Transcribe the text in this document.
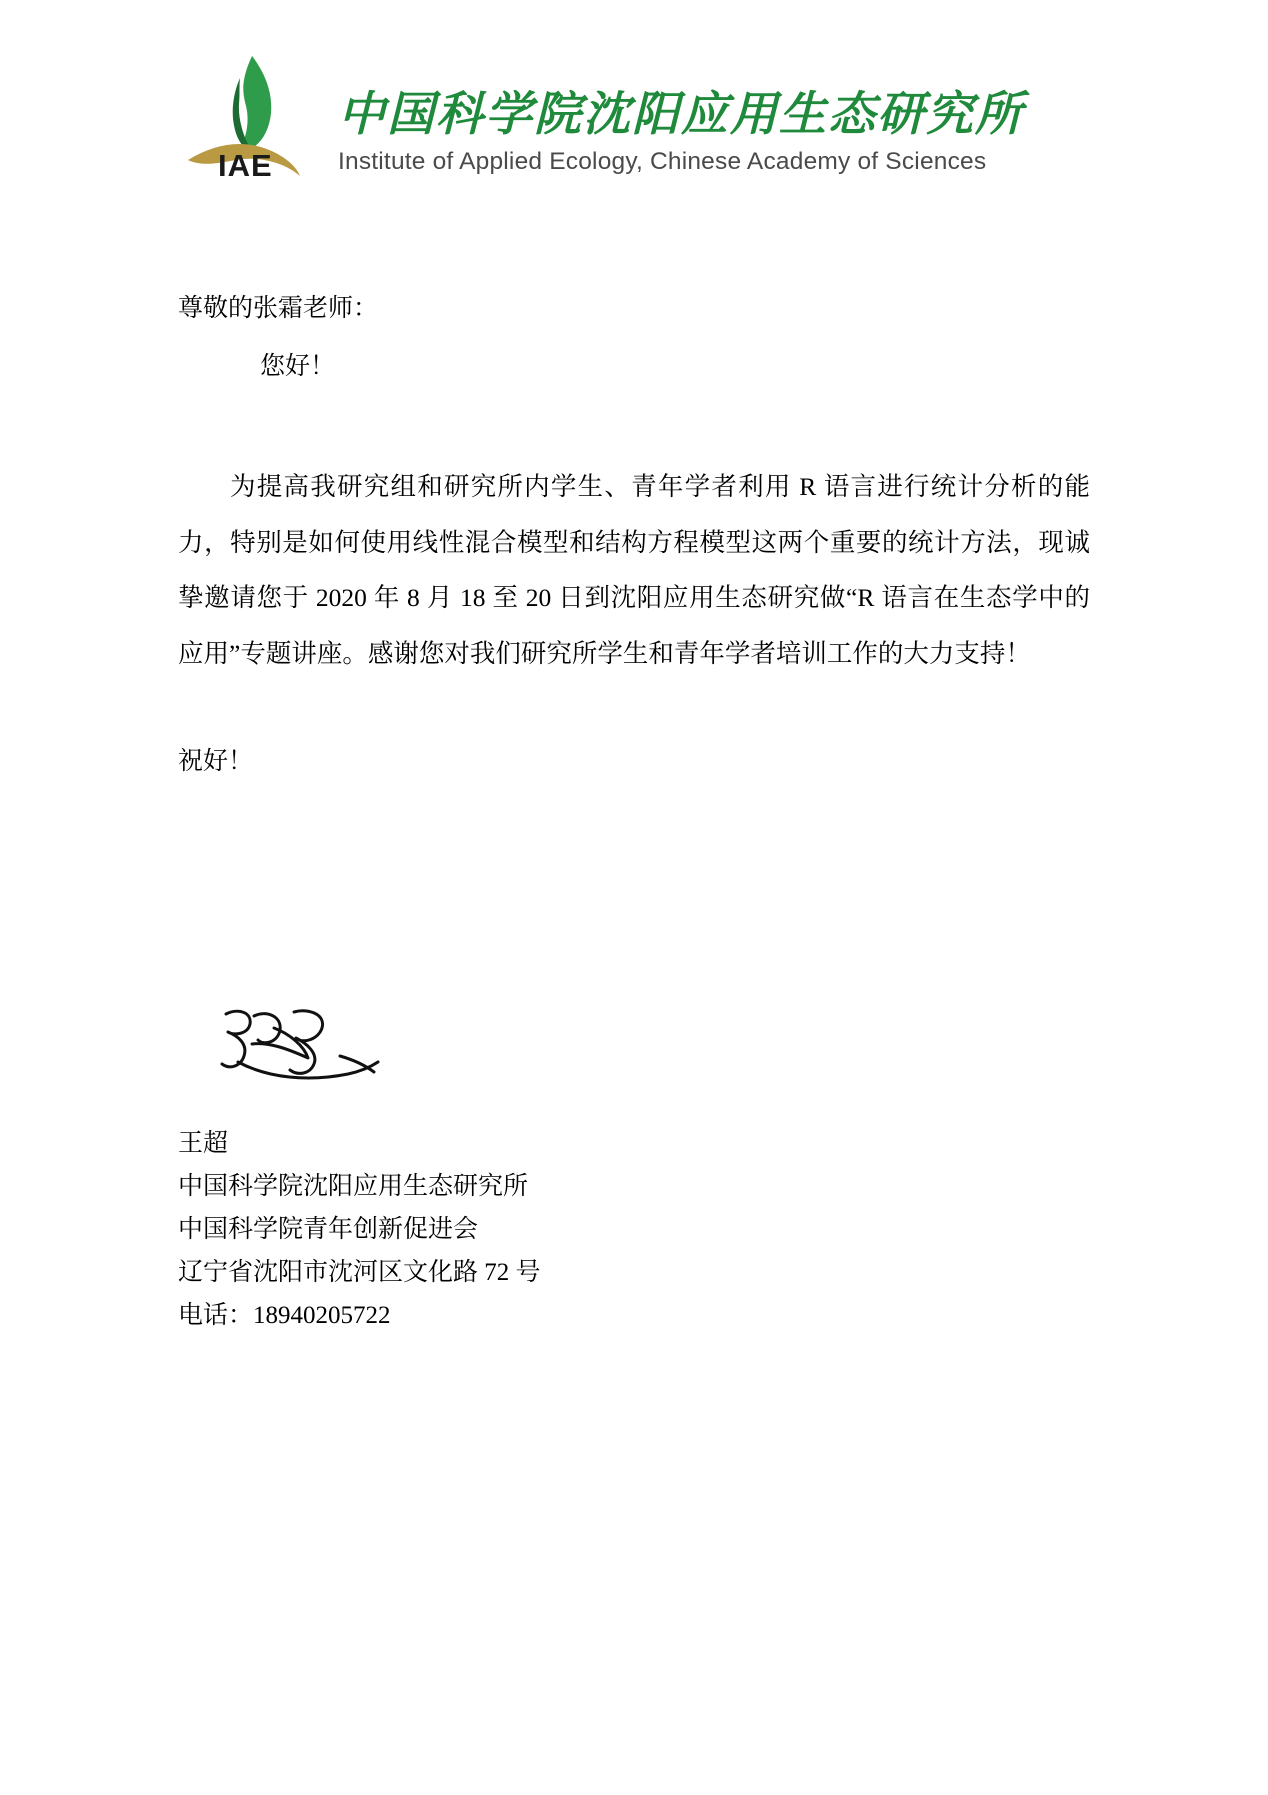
IAE
中国科学院沈阳应用生态研究所
Institute of Applied Ecology, Chinese Academy of Sciences
尊敬的张霜老师：
您好！

为提高我研究组和研究所内学生、青年学者利用 R 语言进行统计分析的能力，特别是如何使用线性混合模型和结构方程模型这两个重要的统计方法，现诚挚邀请您于 2020 年 8 月 18 至 20 日到沈阳应用生态研究做“R 语言在生态学中的应用”专题讲座。感谢您对我们研究所学生和青年学者培训工作的大力支持！

祝好！
王超
中国科学院沈阳应用生态研究所
中国科学院青年创新促进会
辽宁省沈阳市沈河区文化路 72 号
电话：18940205722
